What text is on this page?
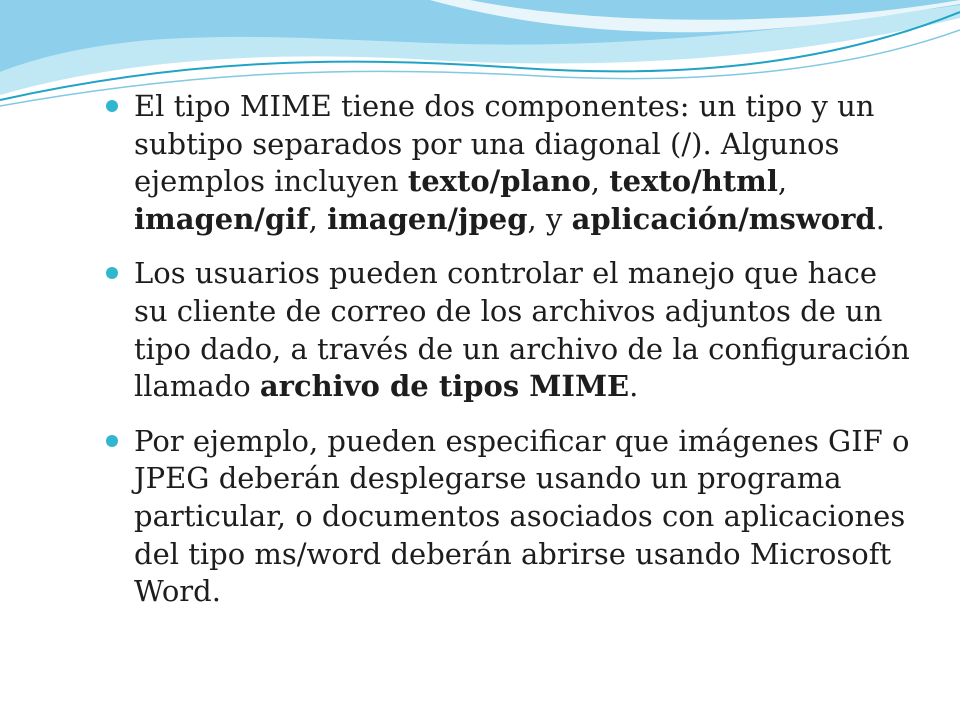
El tipo MIME tiene dos componentes: un tipo y un subtipo separados por una diagonal (/). Algunos ejemplos incluyen texto/plano, texto/html, imagen/gif, imagen/jpeg, y aplicación/msword.
Los usuarios pueden controlar el manejo que hace su cliente de correo de los archivos adjuntos de un tipo dado, a través de un archivo de la configuración llamado archivo de tipos MIME.
Por ejemplo, pueden especificar que imágenes GIF o JPEG deberán desplegarse usando un programa particular, o documentos asociados con aplicaciones del tipo ms/word deberán abrirse usando Microsoft Word.
